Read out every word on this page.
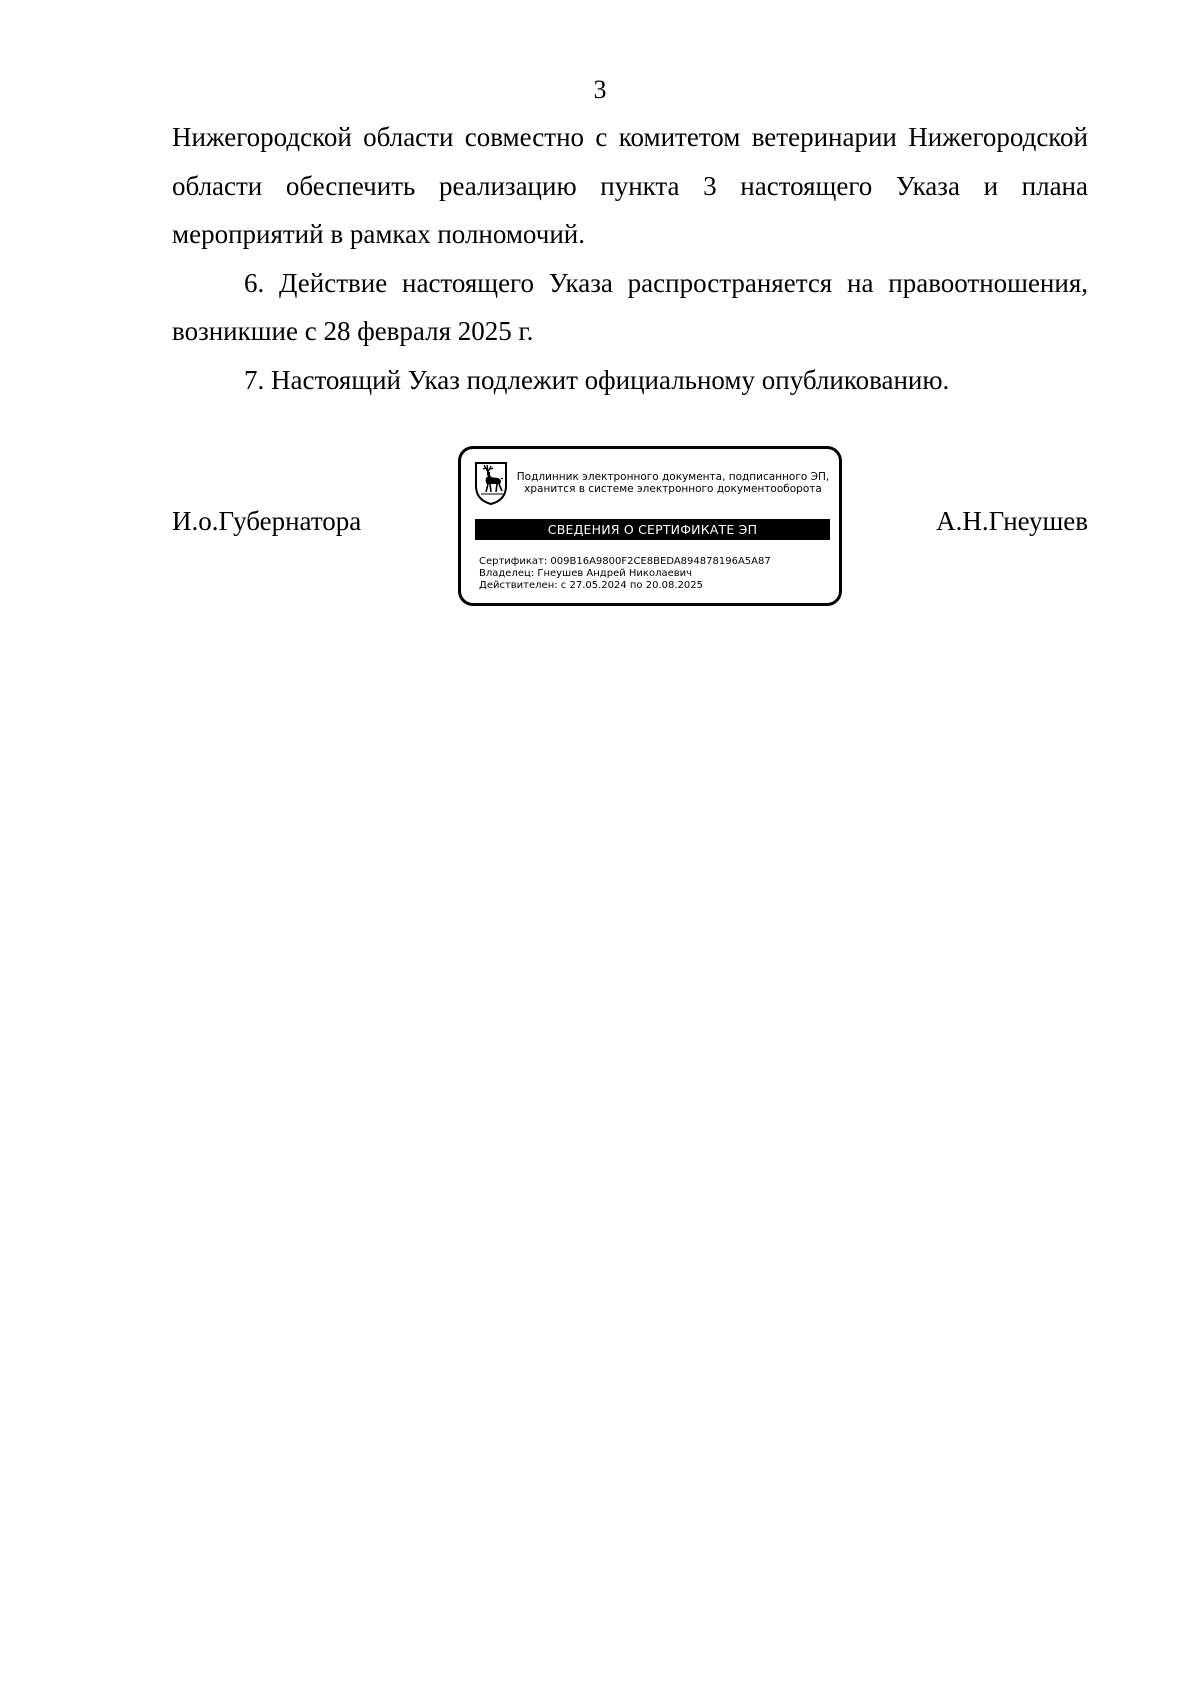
3

Нижегородской области совместно с комитетом ветеринарии Нижегородской области обеспечить реализацию пункта 3 настоящего Указа и плана мероприятий в рамках полномочий.

6. Действие настоящего Указа распространяется на правоотношения, возникшие с 28 февраля 2025 г.

7. Настоящий Указ подлежит официальному опубликованию.

И.о.Губернатора	А.Н.Гнеушев
Подлинник электронного документа, подписанного ЭП,
хранится в системе электронного документооборота
СВЕДЕНИЯ О СЕРТИФИКАТЕ ЭП
Сертификат: 009B16A9800F2CE8BEDA894878196A5A87
Владелец: Гнеушев Андрей Николаевич
Действителен: с 27.05.2024 по 20.08.2025
